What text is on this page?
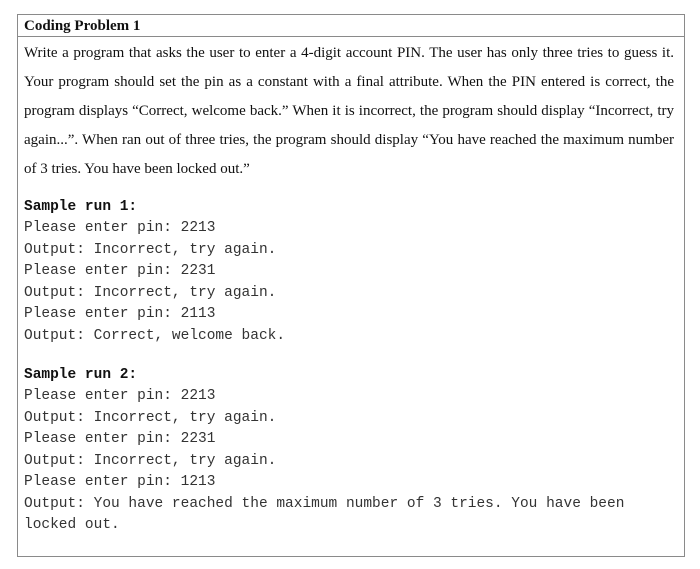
Coding Problem 1

Write a program that asks the user to enter a 4-digit account PIN. The user has only three tries to guess it. Your program should set the pin as a constant with a final attribute. When the PIN entered is correct, the program displays “Correct, welcome back.” When it is incorrect, the program should display “Incorrect, try again...”. When ran out of three tries, the program should display “You have reached the maximum number of 3 tries. You have been locked out.”

Sample run 1:
Please enter pin: 2213
Output: Incorrect, try again.
Please enter pin: 2231
Output: Incorrect, try again.
Please enter pin: 2113
Output: Correct, welcome back.
Sample run 2:
Please enter pin: 2213
Output: Incorrect, try again.
Please enter pin: 2231
Output: Incorrect, try again.
Please enter pin: 1213
Output: You have reached the maximum number of 3 tries. You have been locked out.
